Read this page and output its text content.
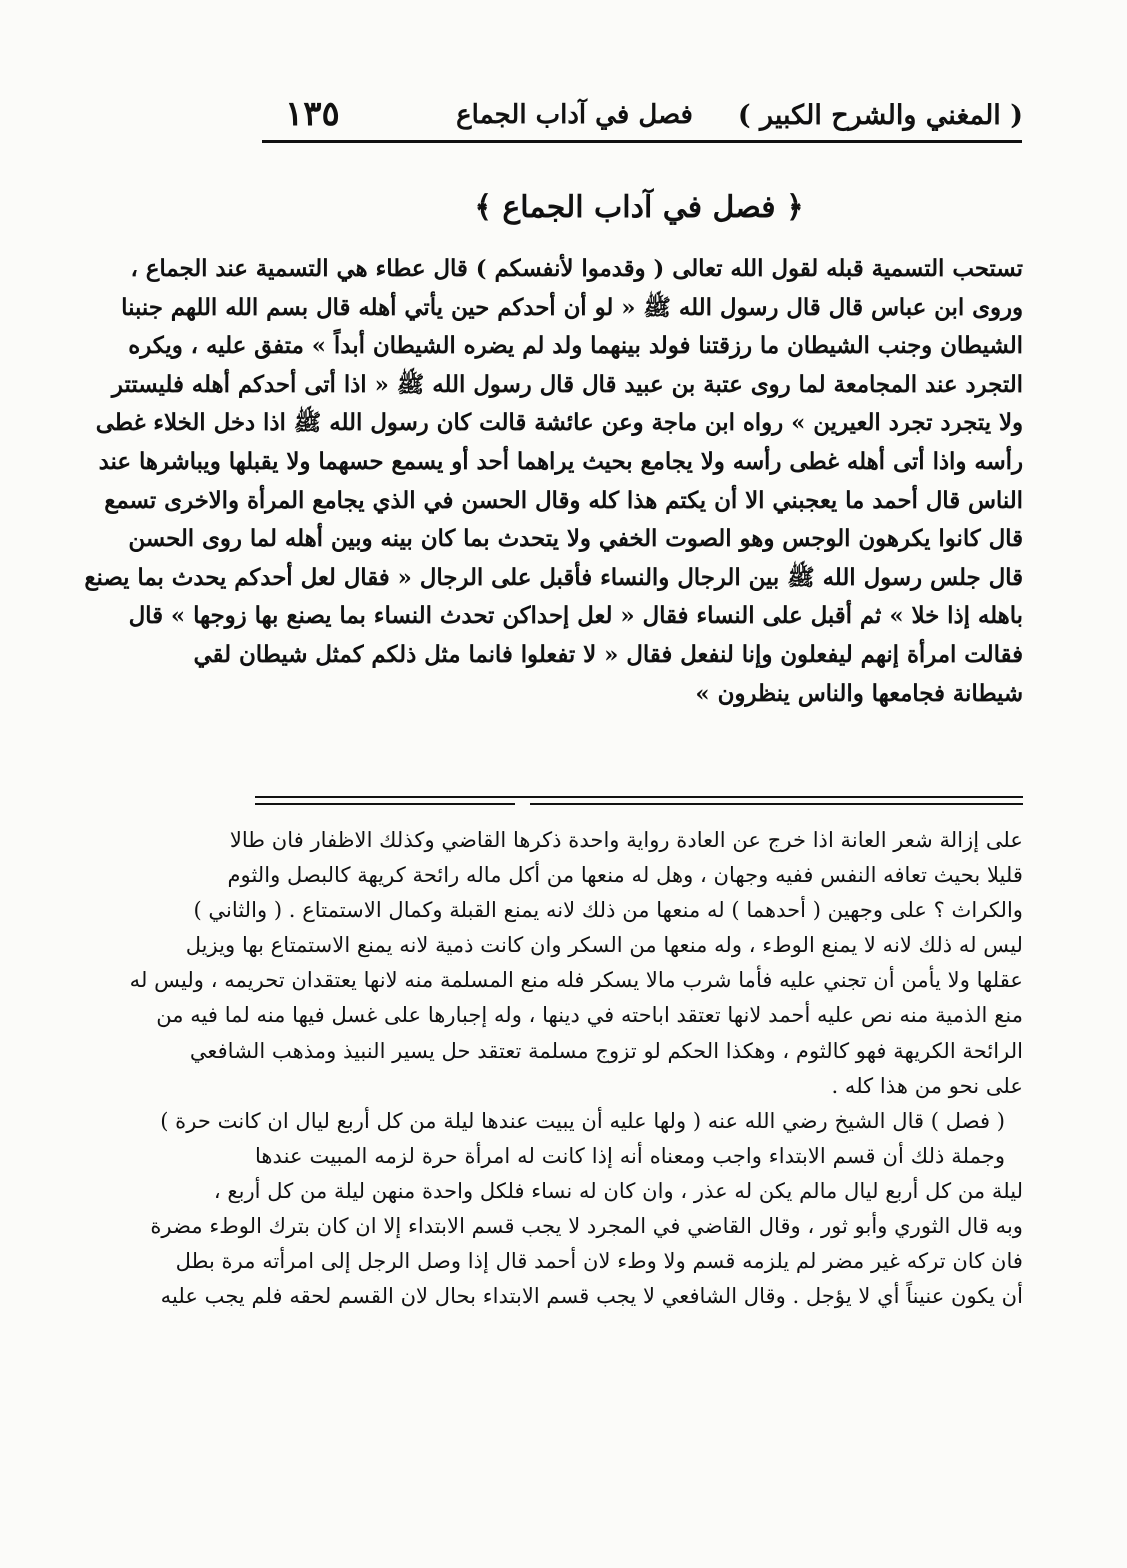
( المغني والشرح الكبير )
فصل في آداب الجماع
١٣٥
﴿ فصل في آداب الجماع ﴾
تستحب التسمية قبله لقول الله تعالى ( وقدموا لأنفسكم ) قال عطاء هي التسمية عند الجماع ،
وروى ابن عباس قال قال رسول الله ﷺ « لو أن أحدكم حين يأتي أهله قال بسم الله اللهم جنبنا
الشيطان وجنب الشيطان ما رزقتنا فولد بينهما ولد لم يضره الشيطان أبداً » متفق عليه ، ويكره
التجرد عند المجامعة لما روى عتبة بن عبيد قال قال رسول الله ﷺ « اذا أتى أحدكم أهله فليستتر
ولا يتجرد تجرد العيرين » رواه ابن ماجة وعن عائشة قالت كان رسول الله ﷺ اذا دخل الخلاء غطى
رأسه واذا أتى أهله غطى رأسه ولا يجامع بحيث يراهما أحد أو يسمع حسهما ولا يقبلها ويباشرها عند
الناس قال أحمد ما يعجبني الا أن يكتم هذا كله وقال الحسن في الذي يجامع المرأة والاخرى تسمع
قال كانوا يكرهون الوجس وهو الصوت الخفي ولا يتحدث بما كان بينه وبين أهله لما روى الحسن
قال جلس رسول الله ﷺ بين الرجال والنساء فأقبل على الرجال « فقال لعل أحدكم يحدث بما يصنع
باهله إذا خلا » ثم أقبل على النساء فقال « لعل إحداكن تحدث النساء بما يصنع بها زوجها » قال
فقالت امرأة إنهم ليفعلون وإنا لنفعل فقال « لا تفعلوا فانما مثل ذلكم كمثل شيطان لقي
شيطانة فجامعها والناس ينظرون »
على إزالة شعر العانة اذا خرج عن العادة رواية واحدة ذكرها القاضي وكذلك الاظفار فان طالا
قليلا بحيث تعافه النفس ففيه وجهان ، وهل له منعها من أكل ماله رائحة كريهة كالبصل والثوم
والكراث ؟ على وجهين ( أحدهما ) له منعها من ذلك لانه يمنع القبلة وكمال الاستمتاع . ( والثاني )
ليس له ذلك لانه لا يمنع الوطء ، وله منعها من السكر وان كانت ذمية لانه يمنع الاستمتاع بها ويزيل
عقلها ولا يأمن أن تجني عليه فأما شرب مالا يسكر فله منع المسلمة منه لانها يعتقدان تحريمه ، وليس له
منع الذمية منه نص عليه أحمد لانها تعتقد اباحته في دينها ، وله إجبارها على غسل فيها منه لما فيه من
الرائحة الكريهة فهو كالثوم ، وهكذا الحكم لو تزوج مسلمة تعتقد حل يسير النبيذ ومذهب الشافعي
على نحو من هذا كله .
( فصل ) قال الشيخ رضي الله عنه ( ولها عليه أن يبيت عندها ليلة من كل أربع ليال ان كانت حرة )
وجملة ذلك أن قسم الابتداء واجب ومعناه أنه إذا كانت له امرأة حرة لزمه المبيت عندها
ليلة من كل أربع ليال مالم يكن له عذر ، وان كان له نساء فلكل واحدة منهن ليلة من كل أربع ،
وبه قال الثوري وأبو ثور ، وقال القاضي في المجرد لا يجب قسم الابتداء إلا ان كان بترك الوطء مضرة
فان كان تركه غير مضر لم يلزمه قسم ولا وطء لان أحمد قال إذا وصل الرجل إلى امرأته مرة بطل
أن يكون عنيناً أي لا يؤجل . وقال الشافعي لا يجب قسم الابتداء بحال لان القسم لحقه فلم يجب عليه
